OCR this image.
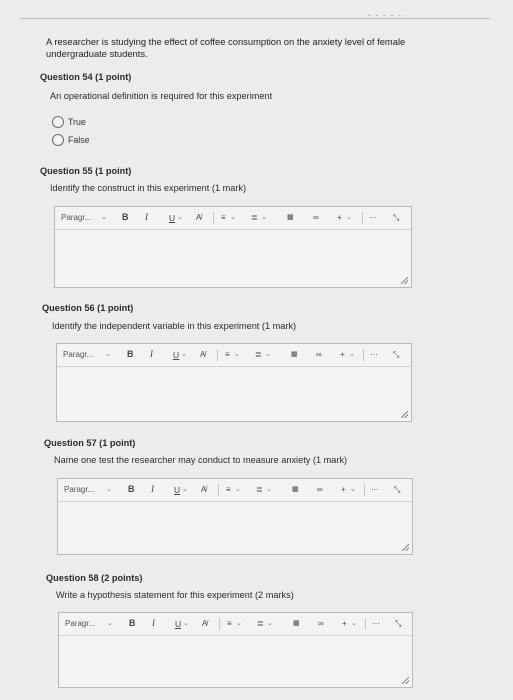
- - - - -
A researcher is studying the effect of coffee consumption on the anxiety level of female undergraduate students.
Question 54 (1 point)
An operational definition is required for this experiment
True
False
Question 55 (1 point)
Identify the construct in this experiment (1 mark)
Paragr... ⌄ B I U ⌄ A̸ ≡ ⌄ ≣ ⌄	▦ ∞ + ⌄ ··· ⤡
Question 56 (1 point)
Identify the independent variable in this experiment (1 mark)
Paragr... ⌄ B I U ⌄ A̸ ≡ ⌄ ≣ ⌄	▦ ∞ + ⌄ ··· ⤡
Question 57 (1 point)
Name one test the researcher may conduct to measure anxiety (1 mark)
Paragr... ⌄ B I U ⌄ A̸ ≡ ⌄ ≣ ⌄	▦ ∞ + ⌄ ··· ⤡
Question 58 (2 points)
Write a hypothesis statement for this experiment (2 marks)
Paragr... ⌄ B I U ⌄ A̸ ≡ ⌄ ≣ ⌄	▦ ∞ + ⌄ ··· ⤡
